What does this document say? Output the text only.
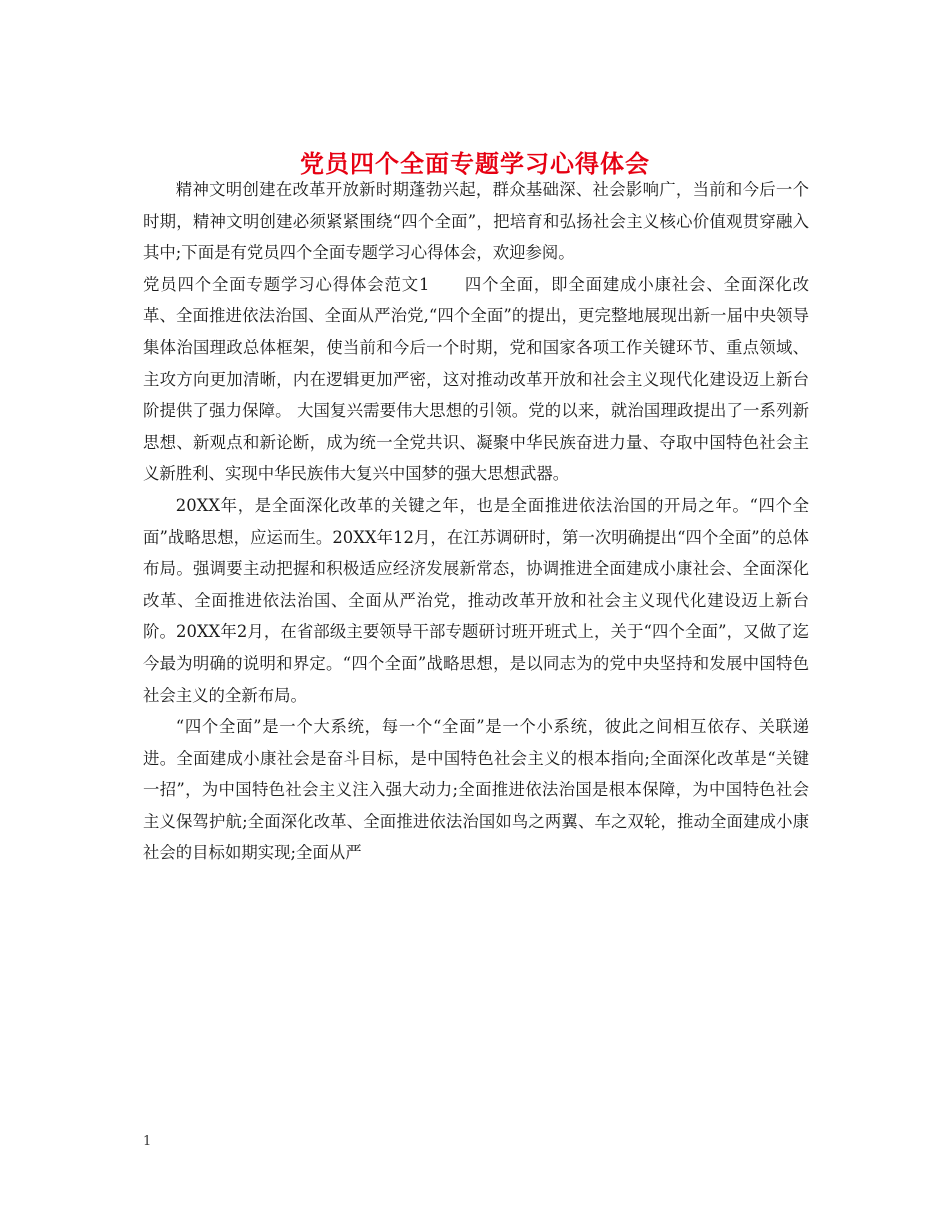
党员四个全面专题学习心得体会

精神文明创建在改革开放新时期蓬勃兴起，群众基础深、社会影响广，当前和今后一个时期，精神文明创建必须紧紧围绕“四个全面”，把培育和弘扬社会主义核心价值观贯穿融入其中;下面是有党员四个全面专题学习心得体会，欢迎参阅。

党员四个全面专题学习心得体会范文1　　四个全面，即全面建成小康社会、全面深化改革、全面推进依法治国、全面从严治党,“四个全面”的提出，更完整地展现出新一届中央领导集体治国理政总体框架，使当前和今后一个时期，党和国家各项工作关键环节、重点领域、主攻方向更加清晰，内在逻辑更加严密，这对推动改革开放和社会主义现代化建设迈上新台阶提供了强力保障。 大国复兴需要伟大思想的引领。党的以来，就治国理政提出了一系列新思想、新观点和新论断，成为统一全党共识、凝聚中华民族奋进力量、夺取中国特色社会主义新胜利、实现中华民族伟大复兴中国梦的强大思想武器。

20XX年，是全面深化改革的关键之年，也是全面推进依法治国的开局之年。“四个全面”战略思想，应运而生。20XX年12月，在江苏调研时，第一次明确提出“四个全面”的总体布局。强调要主动把握和积极适应经济发展新常态，协调推进全面建成小康社会、全面深化改革、全面推进依法治国、全面从严治党，推动改革开放和社会主义现代化建设迈上新台阶。20XX年2月，在省部级主要领导干部专题研讨班开班式上，关于“四个全面”，又做了迄今最为明确的说明和界定。“四个全面”战略思想，是以同志为的党中央坚持和发展中国特色社会主义的全新布局。

“四个全面”是一个大系统，每一个“全面”是一个小系统，彼此之间相互依存、关联递进。全面建成小康社会是奋斗目标，是中国特色社会主义的根本指向;全面深化改革是“关键一招”，为中国特色社会主义注入强大动力;全面推进依法治国是根本保障，为中国特色社会主义保驾护航;全面深化改革、全面推进依法治国如鸟之两翼、车之双轮，推动全面建成小康社会的目标如期实现;全面从严

1
